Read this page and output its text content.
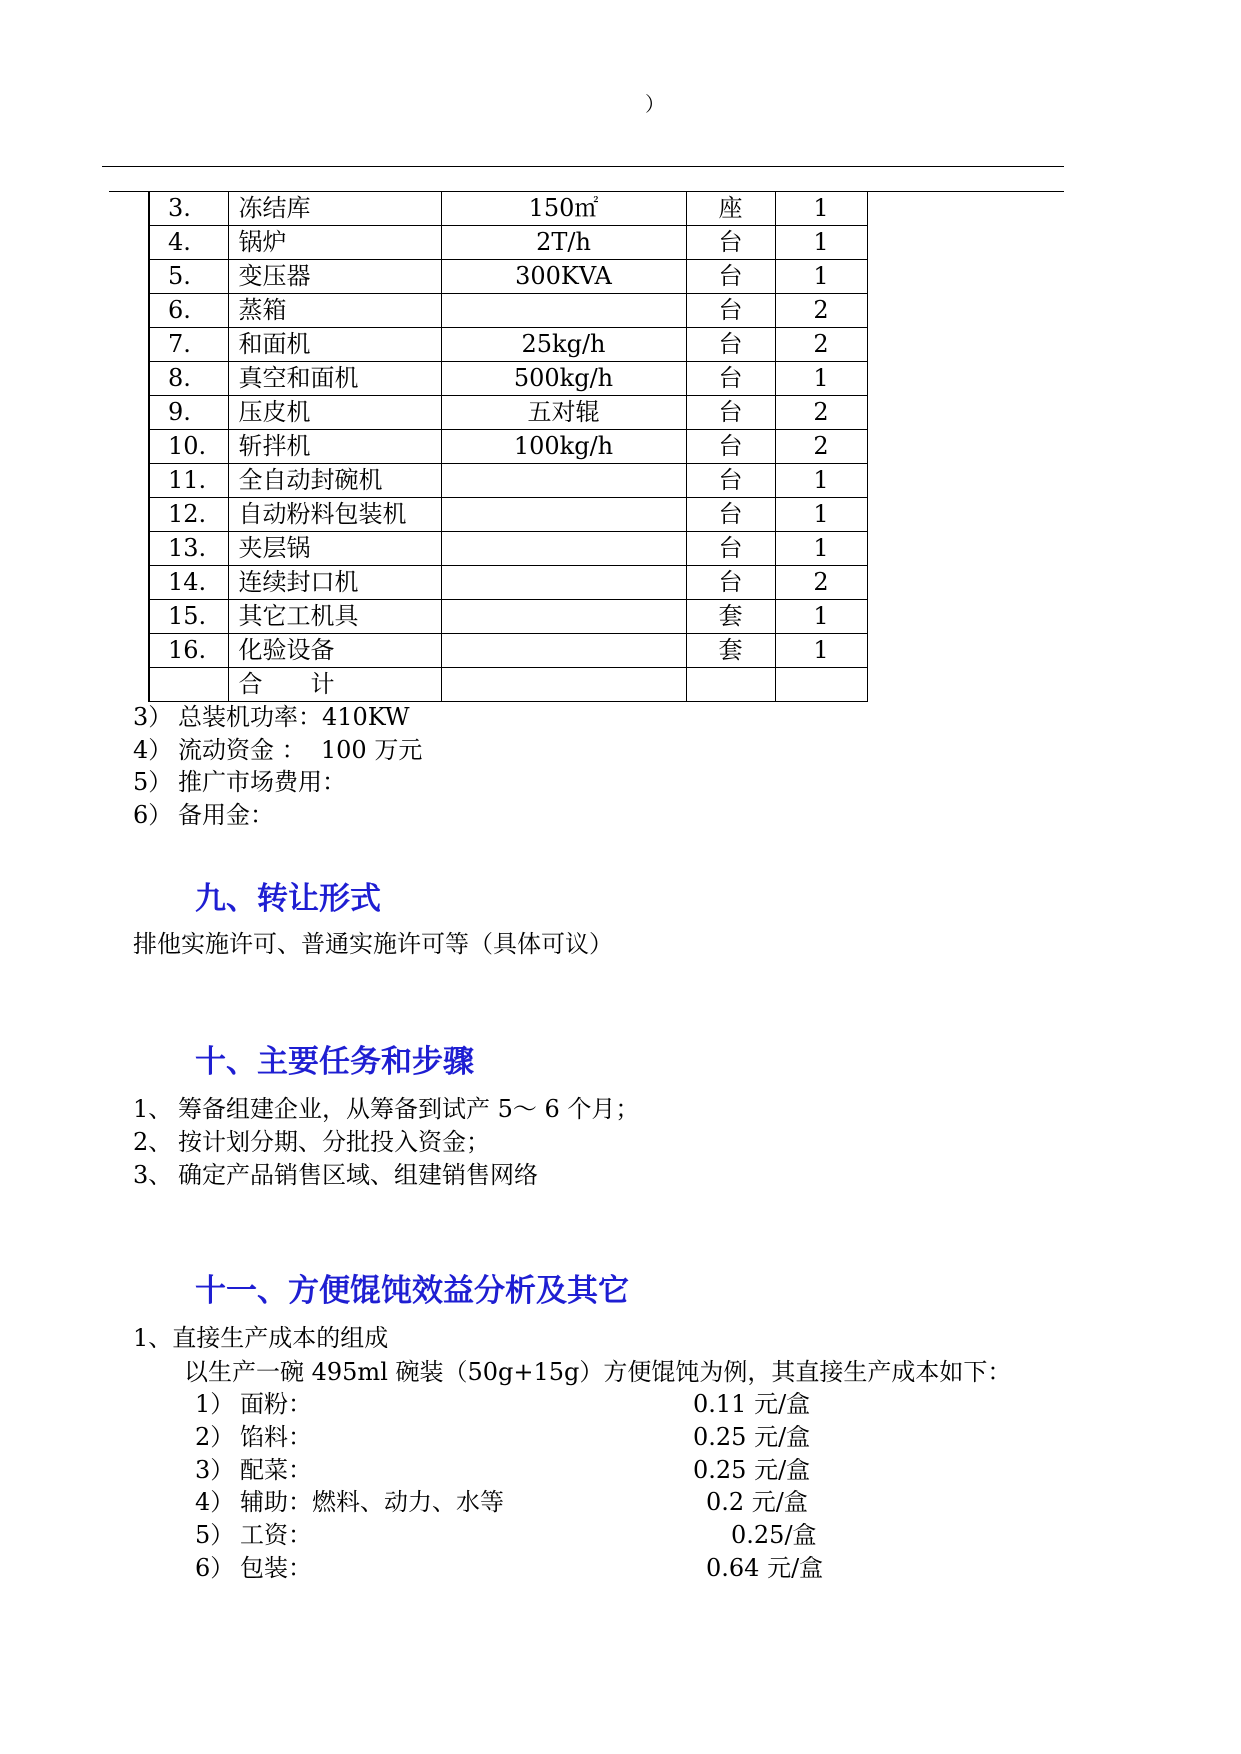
）
3.	冻结库	150㎡	座	1
4.	锅炉	2T/h	台	1
5.	变压器	300KVA	台	1
6.	蒸箱		台	2
7.	和面机	25kg/h	台	2
8.	真空和面机	500kg/h	台	1
9.	压皮机	五对辊	台	2
10.	斩拌机	100kg/h	台	2
11.	全自动封碗机		台	1
12.	自动粉料包装机		台	1
13.	夹层锅		台	1
14.	连续封口机		台	2
15.	其它工机具		套	1
16.	化验设备		套	1
	合　　计			
3） 总装机功率：410KW
4） 流动资金 ：  100 万元
5） 推广市场费用：
6） 备用金：
九、转让形式
排他实施许可、普通实施许可等（具体可议）
十、主要任务和步骤
1、 筹备组建企业，从筹备到试产 5～ 6 个月；
2、 按计划分期、分批投入资金；
3、 确定产品销售区域、组建销售网络
十一、方便馄饨效益分析及其它
1、直接生产成本的组成
以生产一碗 495ml 碗装（50g+15g）方便馄饨为例，其直接生产成本如下：
1） 面粉：	0.11 元/盒
2） 馅料：	0.25 元/盒
3） 配菜：	0.25 元/盒
4） 辅助：燃料、动力、水等	0.2 元/盒
5） 工资：	0.25/盒
6） 包装：	0.64 元/盒
